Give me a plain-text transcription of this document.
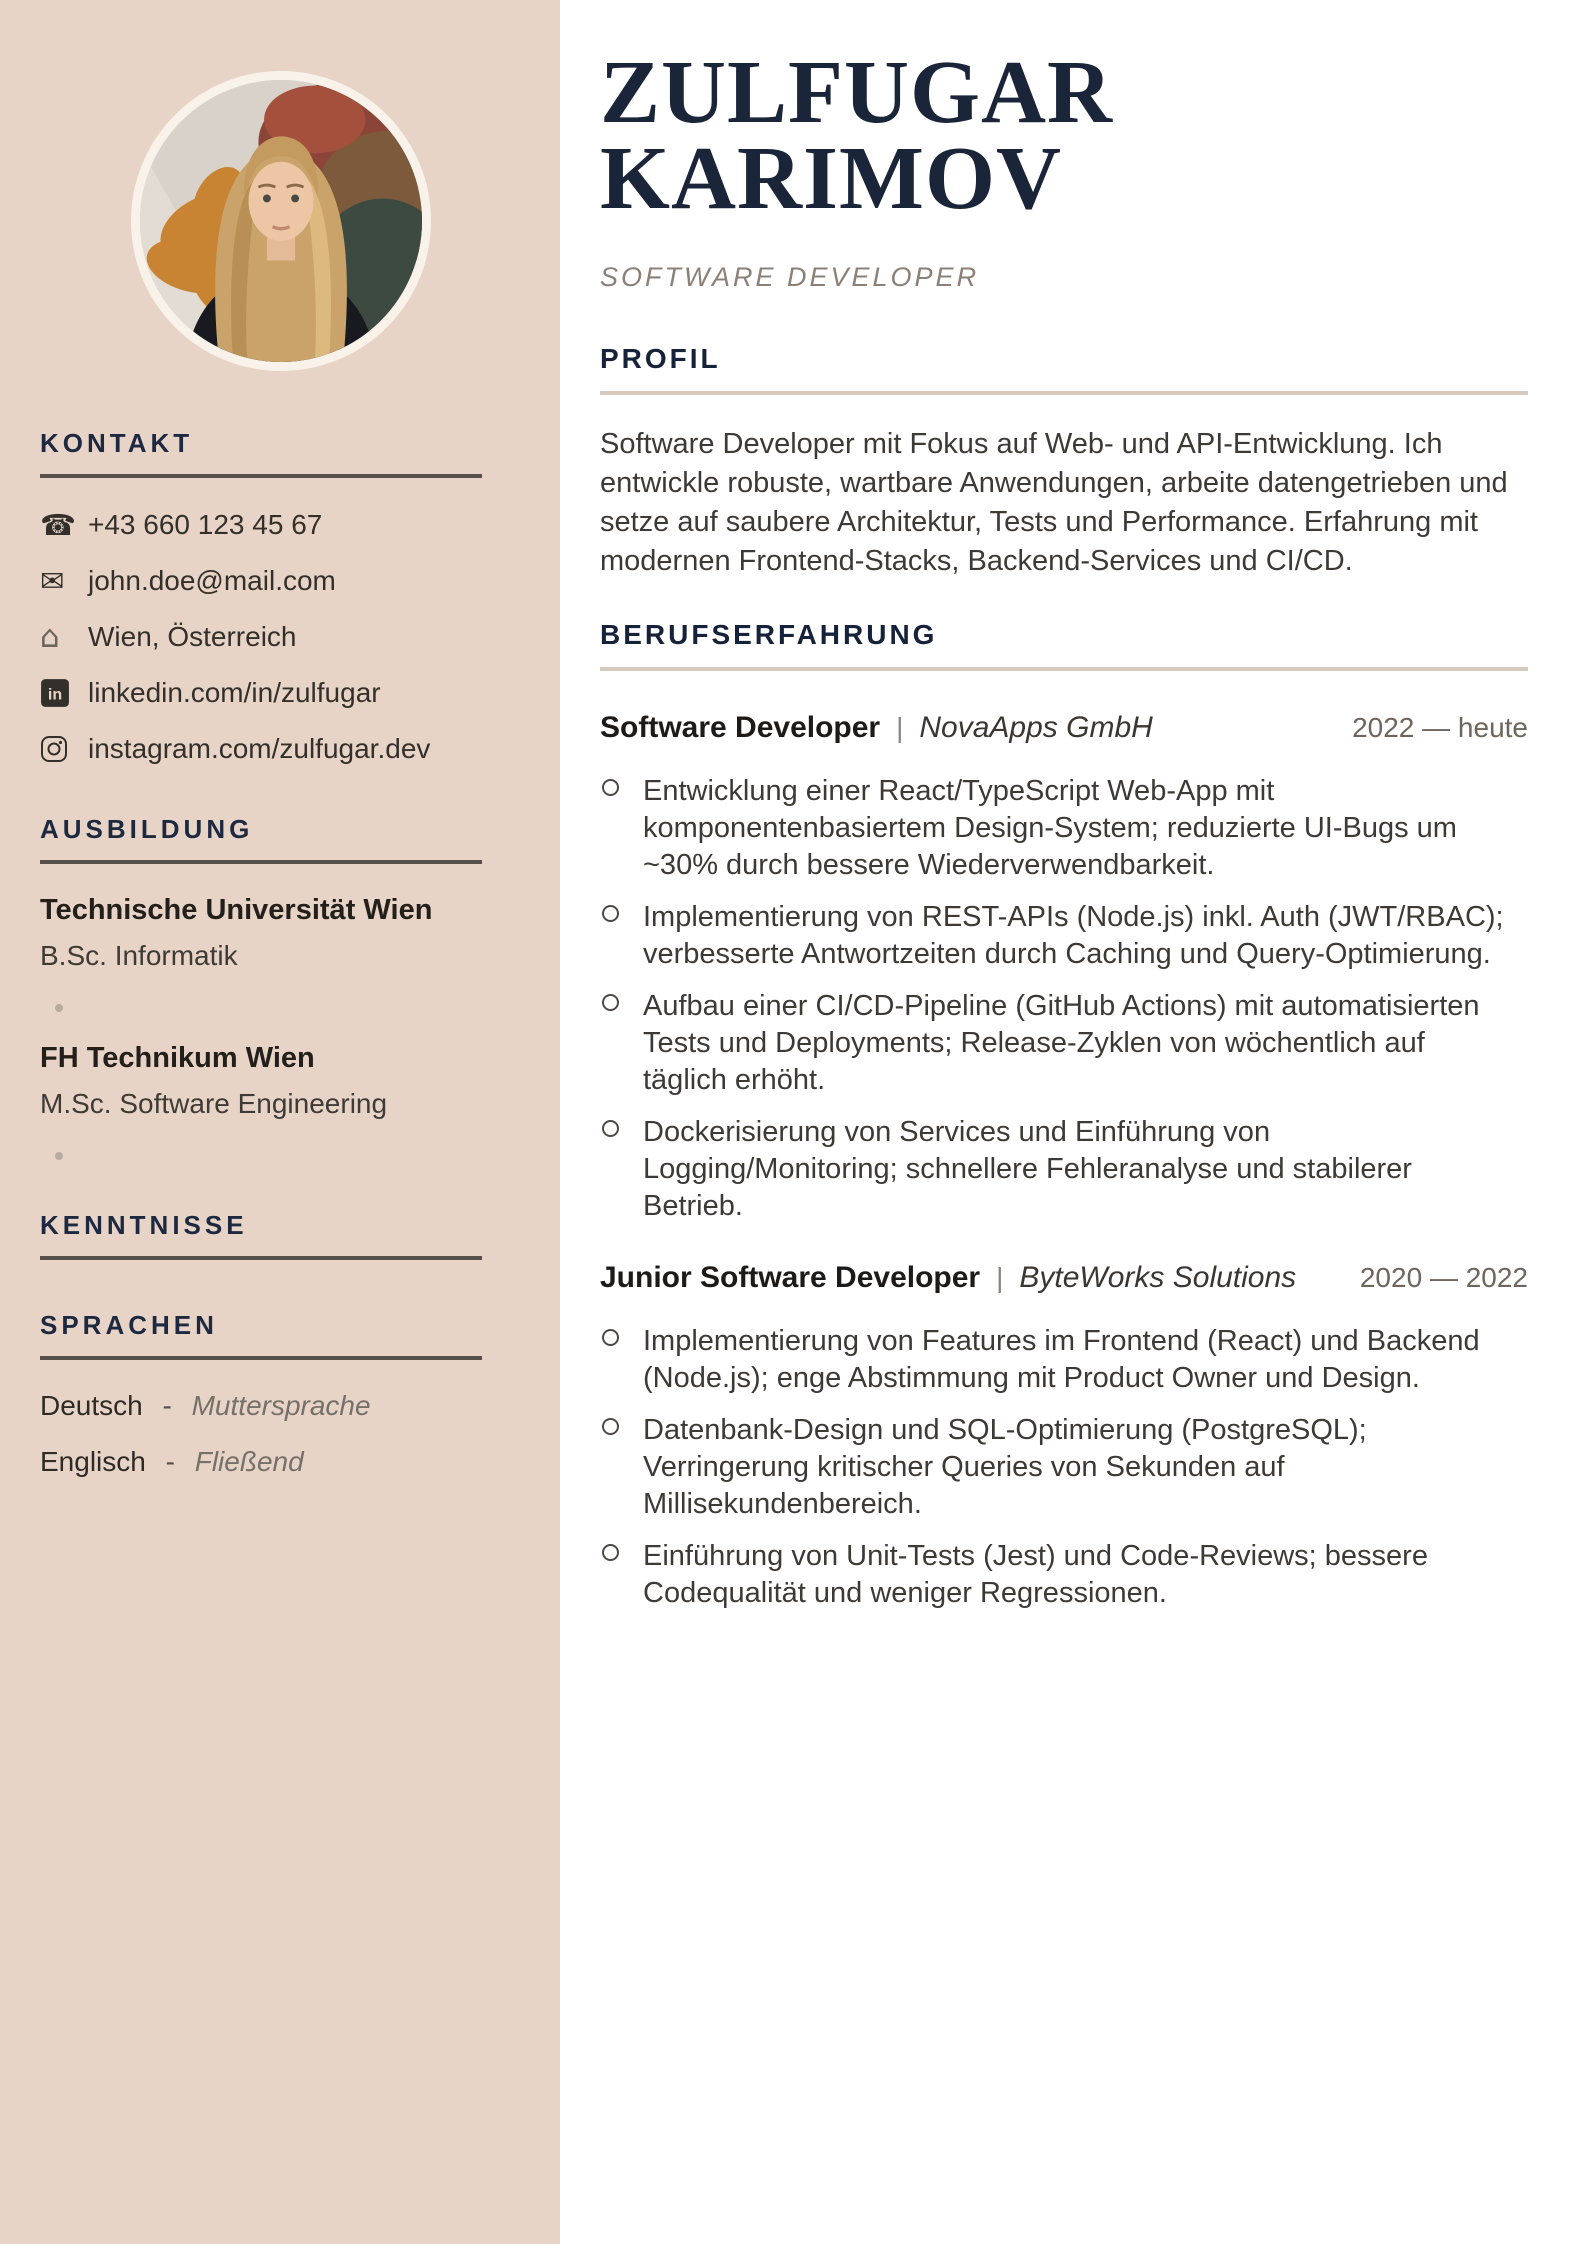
KONTAKT
☎ +43 660 123 45 67
✉ john.doe@mail.com
⌂	Wien, Österreich
in linkedin.com/in/zulfugar
instagram.com/zulfugar.dev
AUSBILDUNG
Technische Universität Wien
B.Sc. Informatik
FH Technikum Wien
M.Sc. Software Engineering
KENNTNISSE
SPRACHEN
Deutsch - Muttersprache
Englisch - Fließend
ZULFUGAR
KARIMOV
SOFTWARE DEVELOPER
PROFIL

Software Developer mit Fokus auf Web- und API-Entwicklung. Ich entwickle robuste, wartbare Anwendungen, arbeite datengetrieben und setze auf saubere Architektur, Tests und Performance. Erfahrung mit modernen Frontend-Stacks, Backend-Services und CI/CD.

BERUFSERFAHRUNG
Software Developer | NovaApps GmbH	2022 — heute
Entwicklung einer React/TypeScript Web-App mit komponentenbasiertem Design-System; reduzierte UI-Bugs um ~30% durch bessere Wiederverwendbarkeit.
Implementierung von REST-APIs (Node.js) inkl. Auth (JWT/RBAC); verbesserte Antwortzeiten durch Caching und Query-Optimierung.
Aufbau einer CI/CD-Pipeline (GitHub Actions) mit automatisierten Tests und Deployments; Release-Zyklen von wöchentlich auf täglich erhöht.
Dockerisierung von Services und Einführung von Logging/Monitoring; schnellere Fehleranalyse und stabilerer Betrieb.
Junior Software Developer | ByteWorks Solutions 2020 — 2022
Implementierung von Features im Frontend (React) und Backend (Node.js); enge Abstimmung mit Product Owner und Design.
Datenbank-Design und SQL-Optimierung (PostgreSQL); Verringerung kritischer Queries von Sekunden auf Millisekundenbereich.
Einführung von Unit-Tests (Jest) und Code-Reviews; bessere Codequalität und weniger Regressionen.
